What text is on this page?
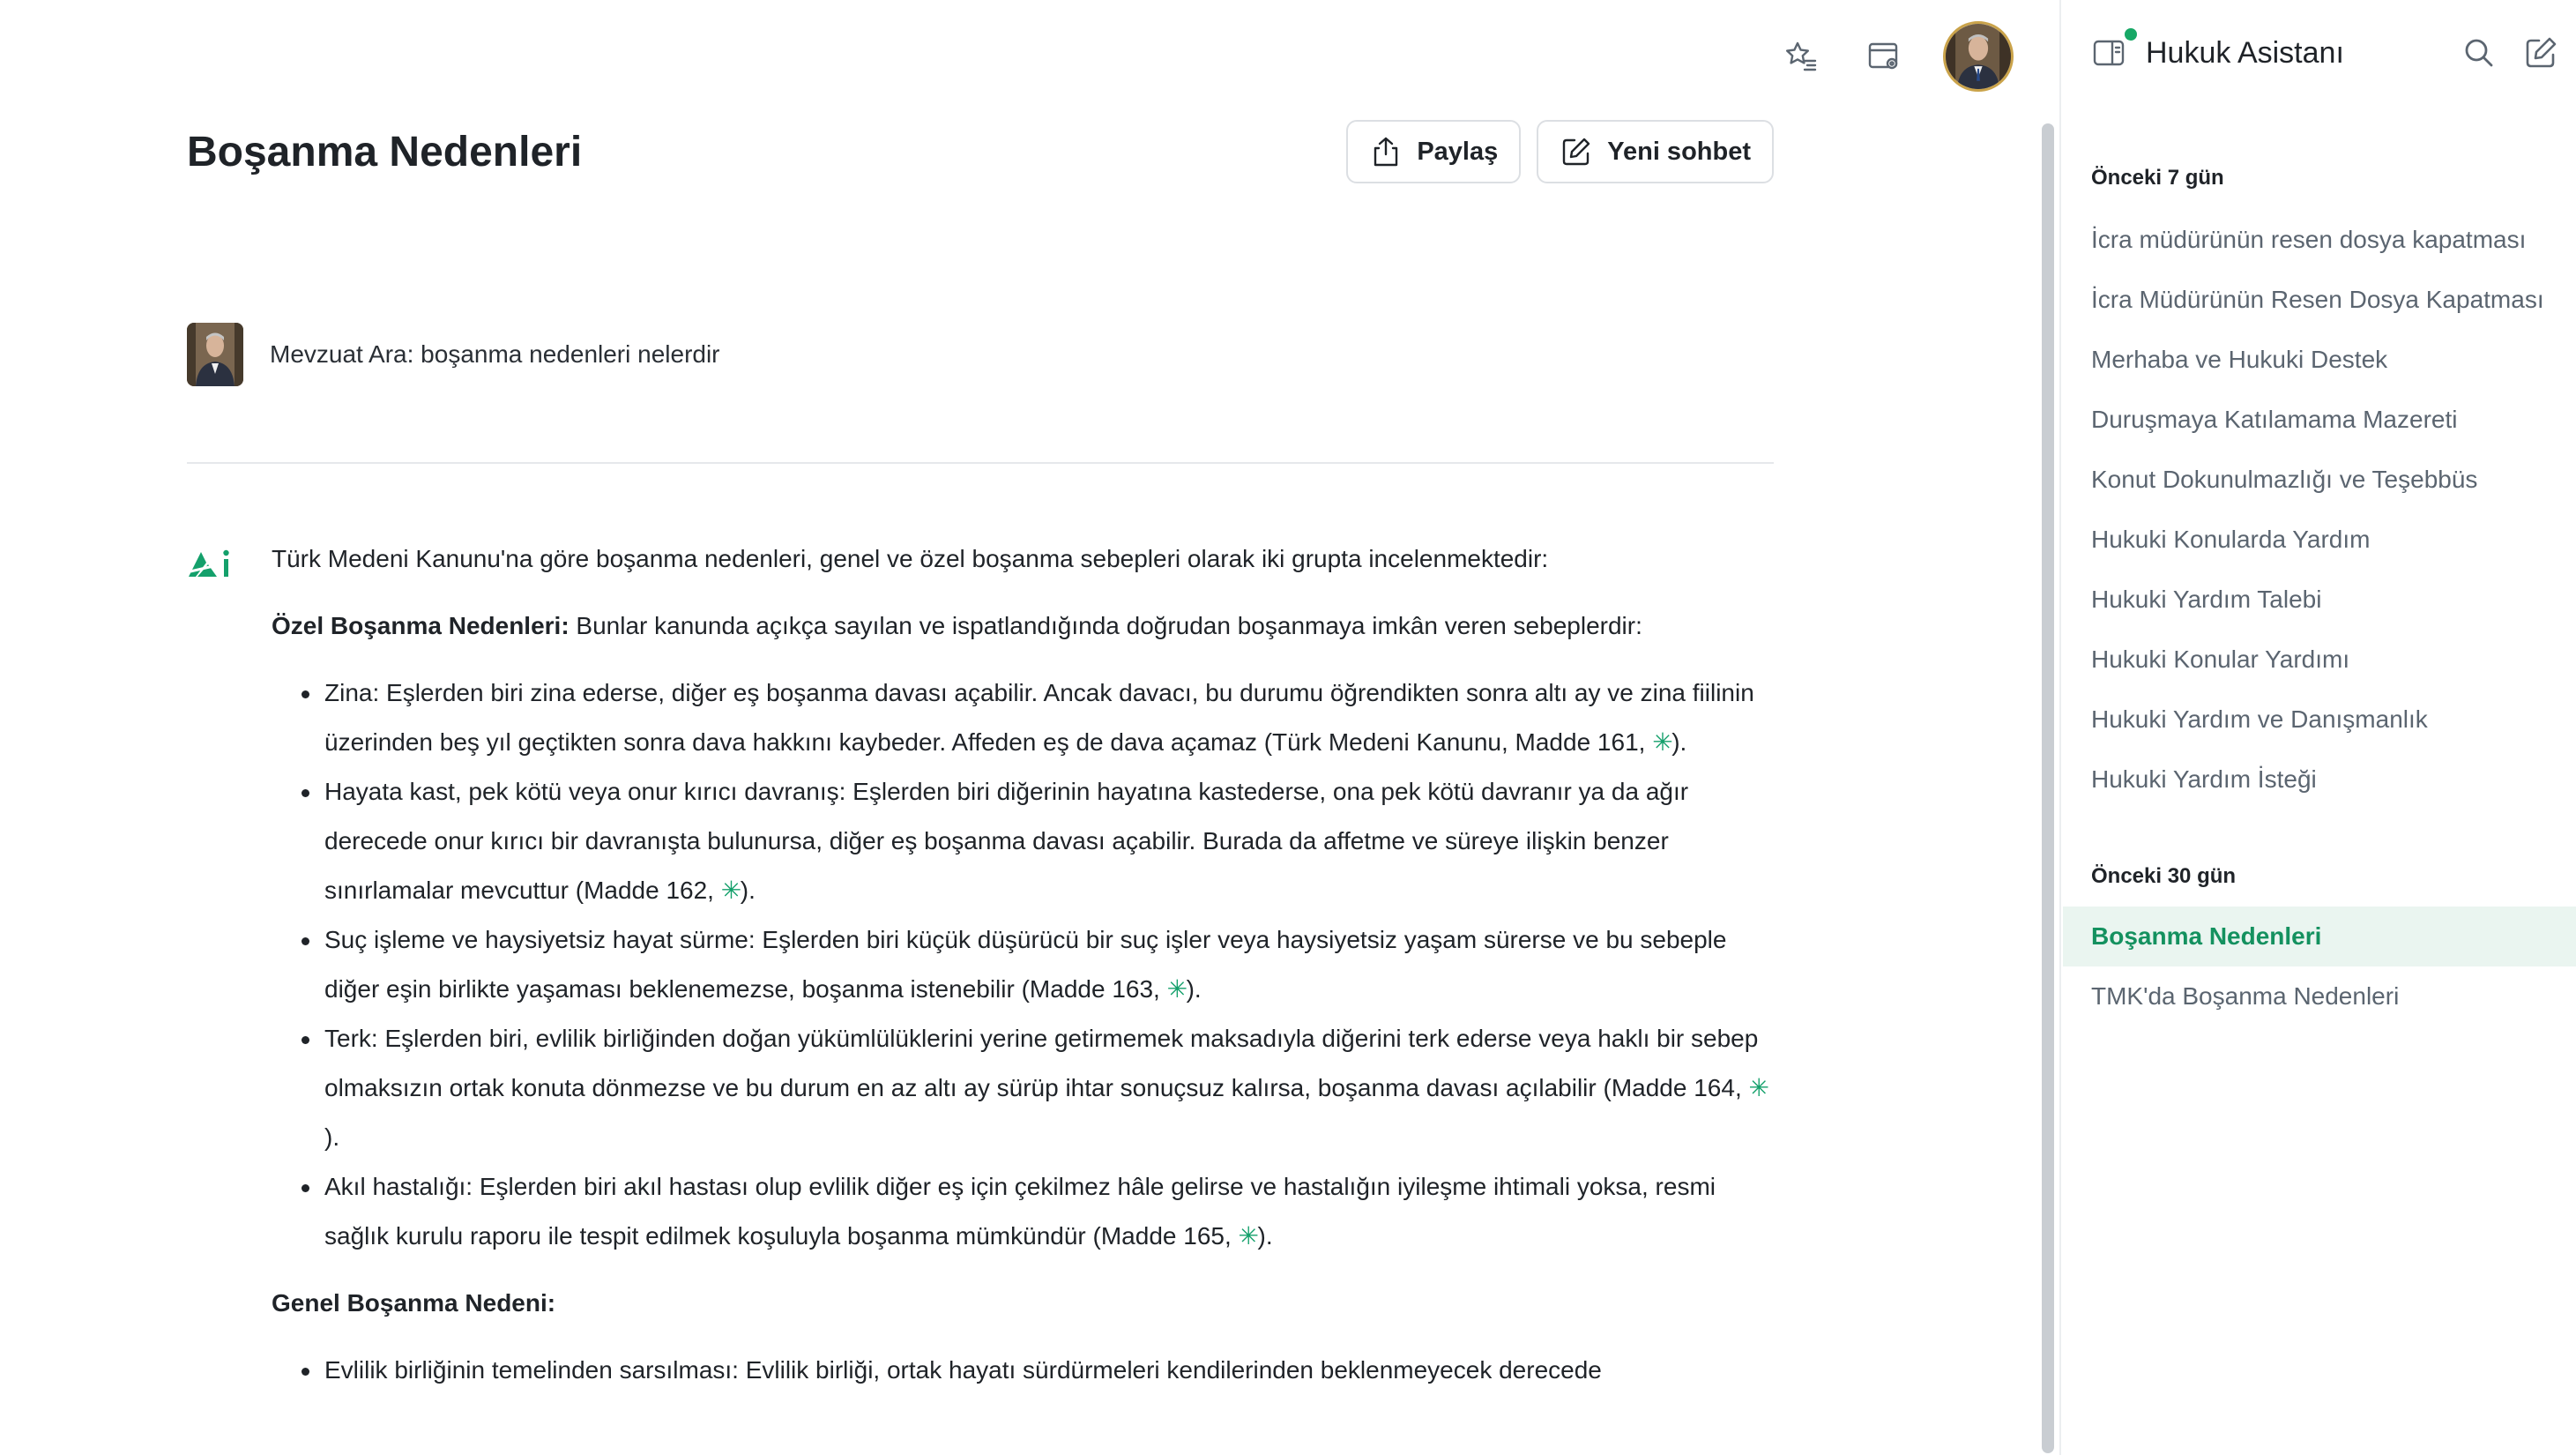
Boşanma Nedenleri	Paylaş	Yeni sohbet
Mevzuat Ara: boşanma nedenleri nelerdir

Türk Medeni Kanunu'na göre boşanma nedenleri, genel ve özel boşanma sebepleri olarak iki grupta incelenmektedir:

Özel Boşanma Nedenleri: Bunlar kanunda açıkça sayılan ve ispatlandığında doğrudan boşanmaya imkân veren sebeplerdir:

Zina: Eşlerden biri zina ederse, diğer eş boşanma davası açabilir. Ancak davacı, bu durumu öğrendikten sonra altı ay ve zina fiilinin üzerinden beş yıl geçtikten sonra dava hakkını kaybeder. Affeden eş de dava açamaz (Türk Medeni Kanunu, Madde 161, ✳).
Hayata kast, pek kötü veya onur kırıcı davranış: Eşlerden biri diğerinin hayatına kastederse, ona pek kötü davranır ya da ağır derecede onur kırıcı bir davranışta bulunursa, diğer eş boşanma davası açabilir. Burada da affetme ve süreye ilişkin benzer sınırlamalar mevcuttur (Madde 162, ✳).
Suç işleme ve haysiyetsiz hayat sürme: Eşlerden biri küçük düşürücü bir suç işler veya haysiyetsiz yaşam sürerse ve bu sebeple diğer eşin birlikte yaşaması beklenemezse, boşanma istenebilir (Madde 163, ✳).
Terk: Eşlerden biri, evlilik birliğinden doğan yükümlülüklerini yerine getirmemek maksadıyla diğerini terk ederse veya haklı bir sebep olmaksızın ortak konuta dönmezse ve bu durum en az altı ay sürüp ihtar sonuçsuz kalırsa, boşanma davası açılabilir (Madde 164, ✳).
Akıl hastalığı: Eşlerden biri akıl hastası olup evlilik diğer eş için çekilmez hâle gelirse ve hastalığın iyileşme ihtimali yoksa, resmi sağlık kurulu raporu ile tespit edilmek koşuluyla boşanma mümkündür (Madde 165, ✳).

Genel Boşanma Nedeni:

Evlilik birliğinin temelinden sarsılması: Evlilik birliği, ortak hayatı sürdürmeleri kendilerinden beklenmeyecek derecede
Hukuk Asistanı
Önceki 7 gün
İcra müdürünün resen dosya kapatması
İcra Müdürünün Resen Dosya Kapatması
Merhaba ve Hukuki Destek
Duruşmaya Katılamama Mazereti
Konut Dokunulmazlığı ve Teşebbüs
Hukuki Konularda Yardım
Hukuki Yardım Talebi
Hukuki Konular Yardımı
Hukuki Yardım ve Danışmanlık
Hukuki Yardım İsteği
Önceki 30 gün
Boşanma Nedenleri
TMK'da Boşanma Nedenleri
